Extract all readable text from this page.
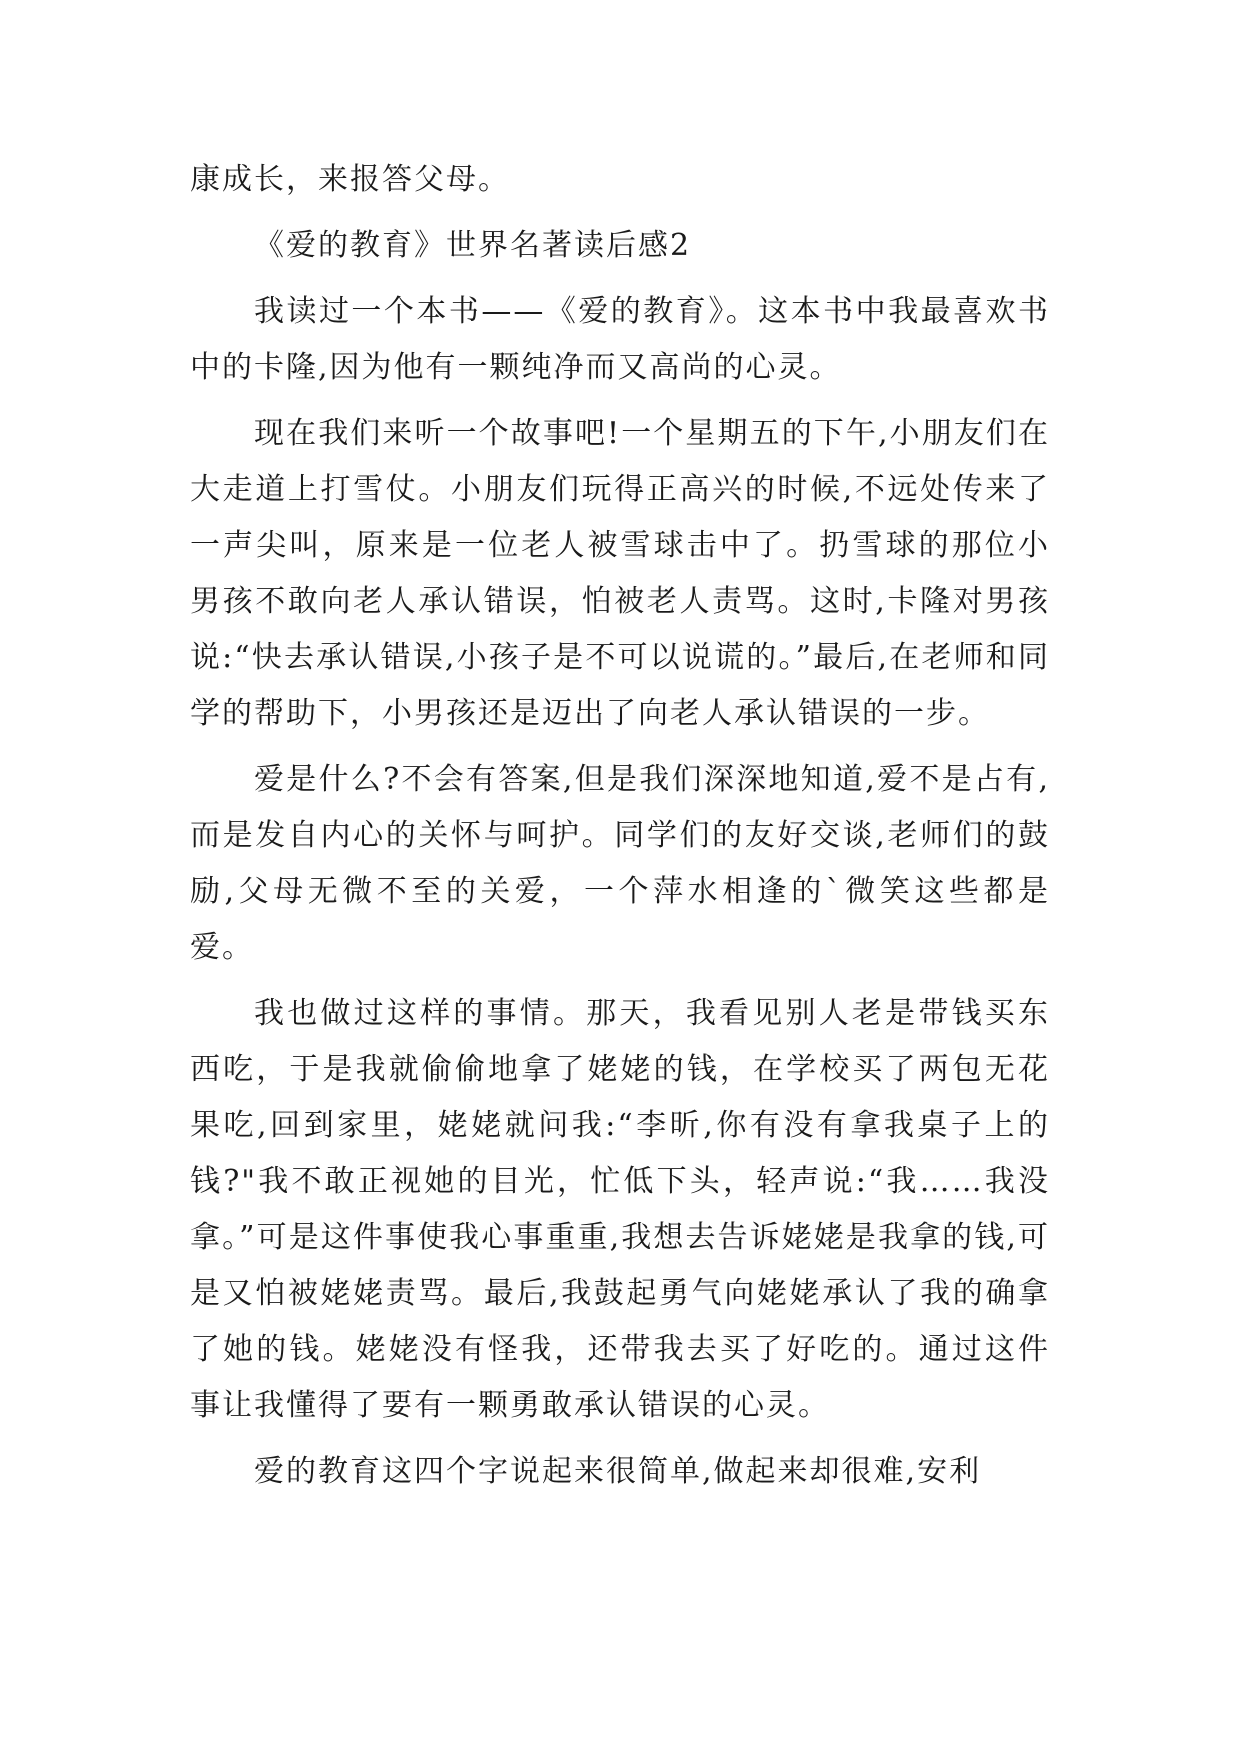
康成长，来报答父母。

《爱的教育》世界名著读后感2

我读过一个本书——《爱的教育》。这本书中我最喜欢书中的卡隆,因为他有一颗纯净而又高尚的心灵。

现在我们来听一个故事吧!一个星期五的下午,小朋友们在大走道上打雪仗。小朋友们玩得正高兴的时候,不远处传来了一声尖叫，原来是一位老人被雪球击中了。扔雪球的那位小男孩不敢向老人承认错误，怕被老人责骂。这时,卡隆对男孩说:“快去承认错误,小孩子是不可以说谎的。”最后,在老师和同学的帮助下，小男孩还是迈出了向老人承认错误的一步。

爱是什么?不会有答案,但是我们深深地知道,爱不是占有,而是发自内心的关怀与呵护。同学们的友好交谈,老师们的鼓励,父母无微不至的关爱，一个萍水相逢的`微笑这些都是爱。

我也做过这样的事情。那天，我看见别人老是带钱买东西吃，于是我就偷偷地拿了姥姥的钱，在学校买了两包无花果吃,回到家里，姥姥就问我:“李昕,你有没有拿我桌子上的钱?"我不敢正视她的目光，忙低下头，轻声说:“我……我没拿。”可是这件事使我心事重重,我想去告诉姥姥是我拿的钱,可是又怕被姥姥责骂。最后,我鼓起勇气向姥姥承认了我的确拿了她的钱。姥姥没有怪我，还带我去买了好吃的。通过这件事让我懂得了要有一颗勇敢承认错误的心灵。

爱的教育这四个字说起来很简单,做起来却很难,安利
